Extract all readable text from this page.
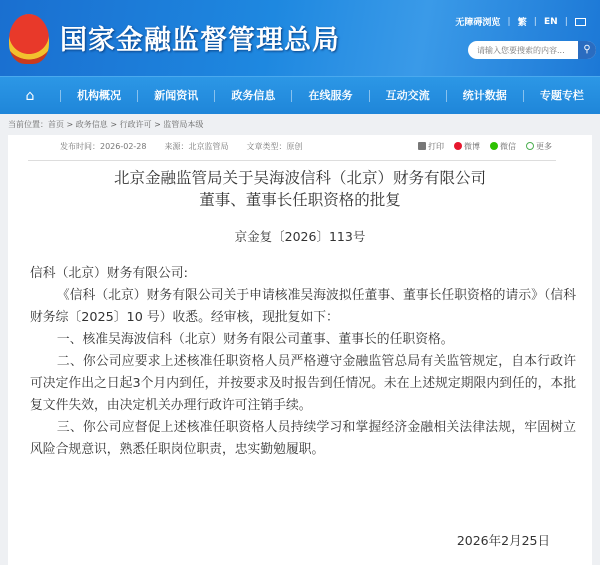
国家金融监督管理总局
无障碍浏览 | 繁 | EN |
请输入您要搜索的内容...
⚲
⌂	机构概况	新闻资讯	政务信息	在线服务	互动交流	统计数据	专题专栏
当前位置：首页 > 政务信息 > 行政许可 > 监管局本级
发布时间：2026-02-28 来源：北京监管局 文章类型：原创	打印	微博	微信	更多
北京金融监管局关于吴海波信科（北京）财务有限公司
董事、董事长任职资格的批复
京金复〔2026〕113号

信科（北京）财务有限公司:

《信科（北京）财务有限公司关于申请核准吴海波拟任董事、董事长任职资格的请示》（信科财务综〔2025〕10 号）收悉。经审核，现批复如下：

一、核准吴海波信科（北京）财务有限公司董事、董事长的任职资格。

二、你公司应要求上述核准任职资格人员严格遵守金融监管总局有关监管规定，自本行政许可决定作出之日起3个月内到任，并按要求及时报告到任情况。未在上述规定期限内到任的，本批复文件失效，由决定机关办理行政许可注销手续。

三、你公司应督促上述核准任职资格人员持续学习和掌握经济金融相关法律法规，牢固树立风险合规意识，熟悉任职岗位职责，忠实勤勉履职。

2026年2月25日
